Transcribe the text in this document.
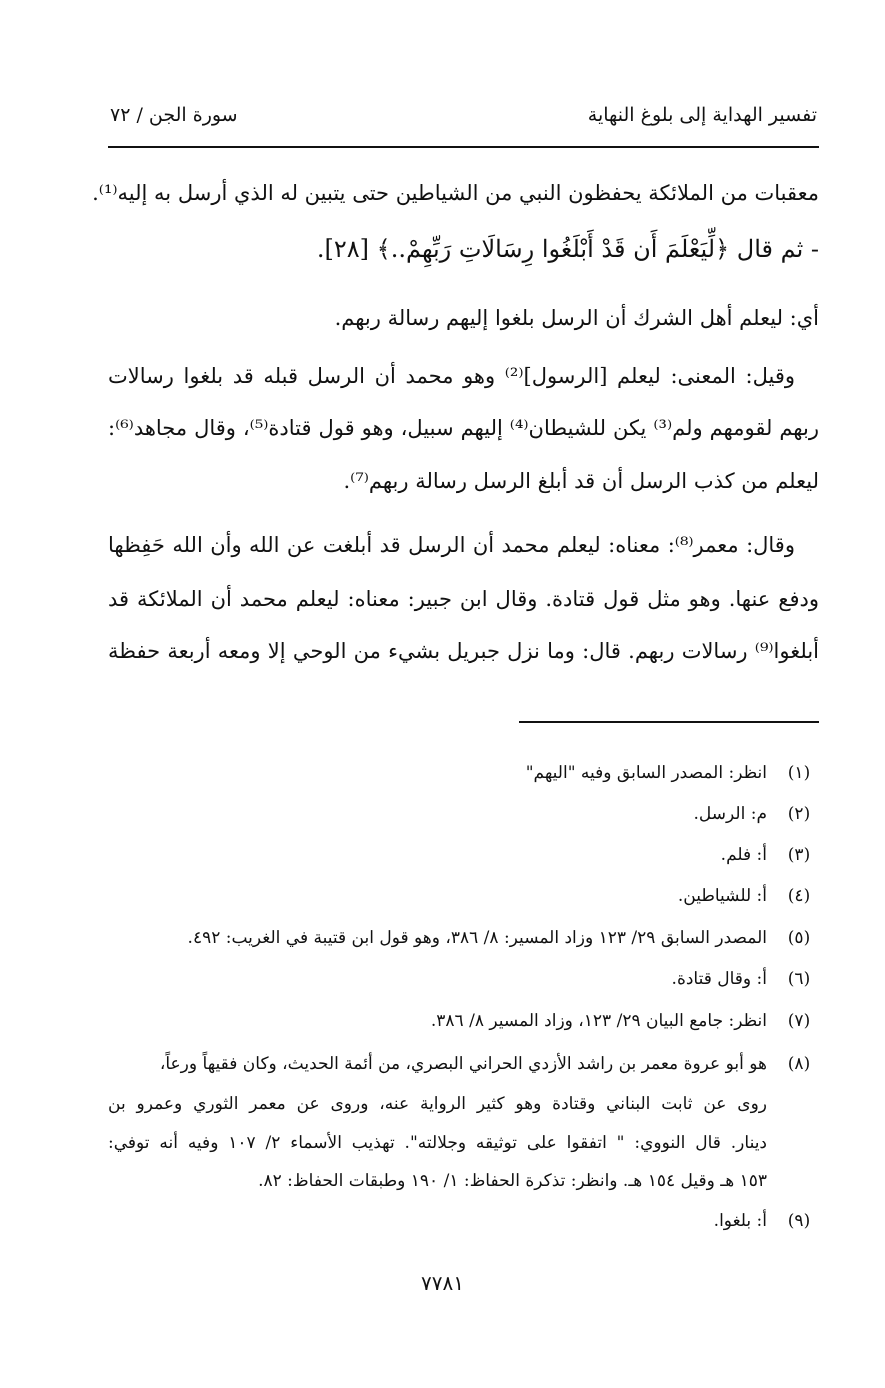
تفسير الهداية إلى بلوغ النهاية
سورة الجن / ٧٢
معقبات من الملائكة يحفظون النبي من الشياطين حتى يتبين له الذي أرسل به إليه⁽¹⁾.
- ثم قال ﴿لِّيَعْلَمَ أَن قَدْ أَبْلَغُوا رِسَالَاتِ رَبِّهِمْ..﴾ [٢٨].
أي: ليعلم أهل الشرك أن الرسل بلغوا إليهم رسالة ربهم.
وقيل: المعنى: ليعلم [الرسول]⁽²⁾ وهو محمد أن الرسل قبله قد بلغوا رسالات
ربهم لقومهم ولم⁽³⁾ يكن للشيطان⁽⁴⁾ إليهم سبيل، وهو قول قتادة⁽⁵⁾، وقال مجاهد⁽⁶⁾:
ليعلم من كذب الرسل أن قد أبلغ الرسل رسالة ربهم⁽⁷⁾.
وقال: معمر⁽⁸⁾: معناه: ليعلم محمد أن الرسل قد أبلغت عن الله وأن الله حَفِظها
ودفع عنها. وهو مثل قول قتادة. وقال ابن جبير: معناه: ليعلم محمد أن الملائكة قد
أبلغوا⁽⁹⁾ رسالات ربهم. قال: وما نزل جبريل بشيء من الوحي إلا ومعه أربعة حفظة
(١)
انظر: المصدر السابق وفيه "اليهم"
(٢)
م: الرسل.
(٣)
أ: فلم.
(٤)
أ: للشياطين.
(٥)
المصدر السابق ٢٩/ ١٢٣ وزاد المسير: ٨/ ٣٨٦، وهو قول ابن قتيبة في الغريب: ٤٩٢.
(٦)
أ: وقال قتادة.
(٧)
انظر: جامع البيان ٢٩/ ١٢٣، وزاد المسير ٨/ ٣٨٦.
(٨)
هو أبو عروة معمر بن راشد الأزدي الحراني البصري، من أئمة الحديث، وكان فقيهاً ورعاً،
روى عن ثابت البناني وقتادة وهو كثير الرواية عنه، وروى عن معمر الثوري وعمرو بن
دينار. قال النووي: " اتفقوا على توثيقه وجلالته". تهذيب الأسماء ٢/ ١٠٧ وفيه أنه توفي:
١٥٣ هـ وقيل ١٥٤ هـ. وانظر: تذكرة الحفاظ: ١/ ١٩٠ وطبقات الحفاظ: ٨٢.
(٩)
أ: بلغوا.
٧٧٨١
